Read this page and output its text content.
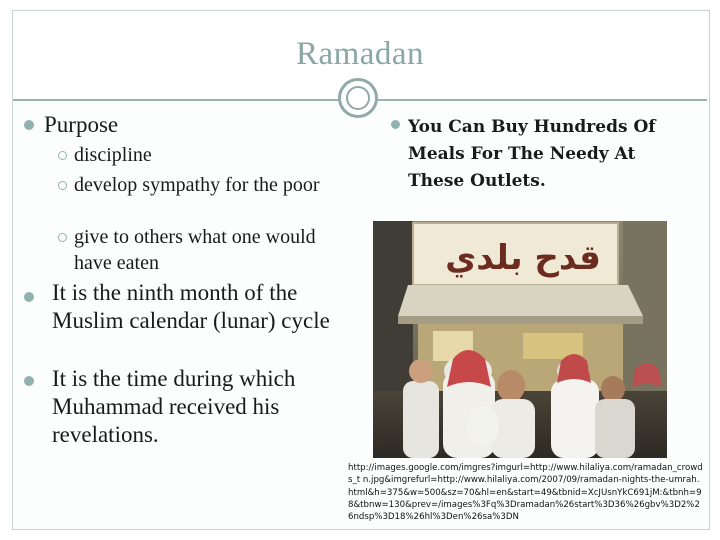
Ramadan
Purpose
discipline
develop sympathy for the poor
give to others what one would have eaten
It is the ninth month of the Muslim calendar (lunar) cycle
It is the time during which Muhammad received his revelations.
You Can Buy Hundreds Of
Meals For The Needy At
These Outlets.
قدح بلدي
http://images.google.com/imgres?imgurl=http://www.hilaliya.com/ramadan_crowds_t n.jpg&imgrefurl=http://www.hilaliya.com/2007/09/ramadan-nights-the-umrah.html&h=375&w=500&sz=70&hl=en&start=49&tbnid=XcJUsnYkC691jM:&tbnh=98&tbnw=130&prev=/images%3Fq%3Dramadan%26start%3D36%26gbv%3D2%26ndsp%3D18%26hl%3Den%26sa%3DN
